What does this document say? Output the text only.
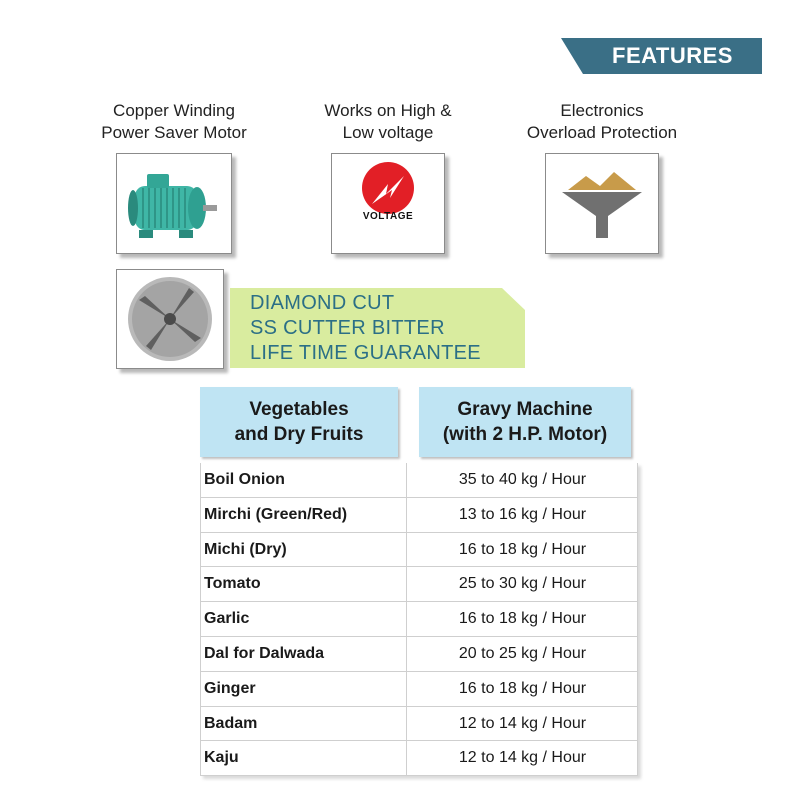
FEATURES
Copper Winding
Power Saver Motor
Works on High &
Low voltage
VOLTAGE
Electronics
Overload Protection
DIAMOND CUT
SS CUTTER BITTER
LIFE TIME GUARANTEE
Vegetables
and Dry Fruits
Gravy Machine
(with 2 H.P. Motor)
Boil Onion	35 to 40 kg / Hour
Mirchi (Green/Red)	13 to 16 kg / Hour
Michi (Dry)	16 to 18 kg / Hour
Tomato	25 to 30 kg / Hour
Garlic	16 to 18 kg / Hour
Dal for Dalwada	20 to 25 kg / Hour
Ginger	16 to 18 kg / Hour
Badam	12 to 14 kg / Hour
Kaju	12 to 14 kg / Hour
